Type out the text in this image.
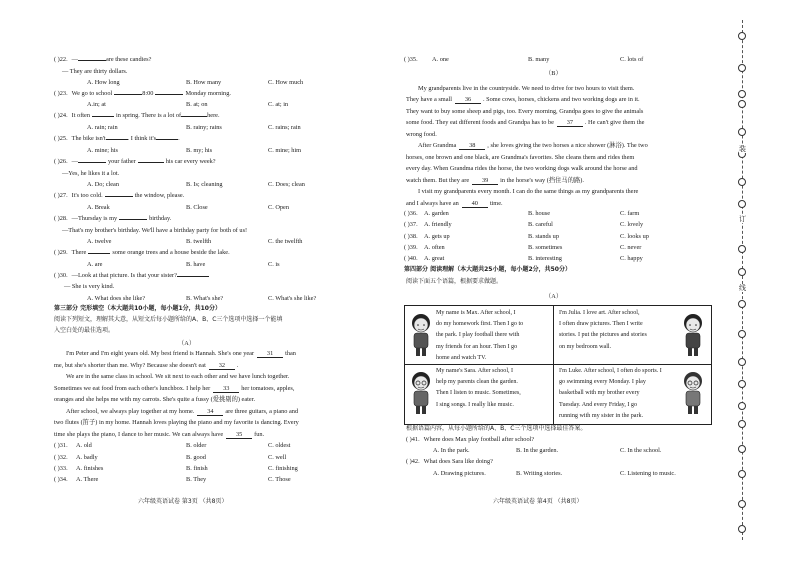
( )22. —	are these candies?
— They are thirty dollars.
A. How long	B. How many	C. How much
( )23. We go to school	8:00	Monday morning.
A.in; at	B. at; on	C. at; in
( )24. It often	in spring. There is a lot of	here.
A. rain; rain	B. rainy; rains	C. rains; rain
( )25. The bike isn't	. I think it's	.
A. mine; his	B. my; his	C. mine; him
( )26. —	your father	his car every week?
—Yes, he likes it a lot.
A. Do; clean	B. Is; cleaning	C. Does; clean
( )27. It's too cold.	the window, please.
A. Break	B. Close	C. Open
( )28. —Thursday is my	birthday.
—That's my brother's birthday. We'll have a birthday party for both of us!
A. twelve	B. twelfth	C. the twelfth
( )29. There	some orange trees and a house beside the lake.
A. are	B. have	C. is
( )30. —Look at that picture. Is that your sister?
— She is very kind.
A. What does she like?	B. What's she?	C. What's she like?
第三部分 完形填空（本大题共10小题，每小题1分，共10分）
阅读下列短文，理解其大意，从短文后每小题所给的A、B、C三个选项中选择一个能填
入空白处的最佳选项。
（A）
I'm Peter and I'm eight years old. My best friend is Hannah. She's one year 31 than
me, but she's shorter than me. Why? Because she doesn't eat 32 .
We are in the same class in school. We sit next to each other and we have lunch together.
Sometimes we eat food from each other's lunchbox. I help her 33 her tomatoes, apples,
oranges and she helps me with my carrots. She's quite a fussy (爱挑剔的) eater.
After school, we always play together at my home. 34 are three guitars, a piano and
two flutes (笛子) in my home. Hannah loves playing the piano and my favorite is dancing. Every
time she plays the piano, I dance to her music. We can always have 35 fun.
( )31. A. old	B. older	C. oldest
( )32. A. badly	B. good	C. well
( )33. A. finishes	B. finish	C. finishing
( )34. A. There	B. They	C. Those
六年级英语试卷 第3页 （共8页）
( )35. A. one	B. many	C. lots of
（B）
My grandparents live in the countryside. We need to drive for two hours to visit them.
They have a small 36 . Some cows, horses, chickens and two working dogs are in it.
They want to buy some sheep and pigs, too. Every morning, Grandpa goes to give the animals
some food. They eat different foods and Grandpa has to be 37 . He can't give them the
wrong food.
After Grandma 38 , she loves giving the two horses a nice shower (淋浴). The two
horses, one brown and one black, are Grandma's favorites. She cleans them and rides them
every day. When Grandma rides the horse, the two working dogs walk around the horse and
watch them. But they are 39 in the horse's way (挡住马的路).
I visit my grandparents every month. I can do the same things as my grandparents there
and I always have an 40 time.
( )36. A. garden	B. house	C. farm
( )37. A. friendly	B. careful	C. lovely
( )38. A. gets up	B. stands up	C. looks up
( )39. A. often	B. sometimes	C. never
( )40. A. great	B. interesting	C. happy
第四部分 阅读理解（本大题共25小题，每小题2分，共50分）
阅读下面五个语篇，根据要求做题。
（A）
My name is Max. After school, I
do my homework first. Then I go to
the park. I play football there with
my friends for an hour. Then I go
home and watch TV.
I'm Julia. I love art. After school,
I often draw pictures. Then I write
stories. I put the pictures and stories
on my bedroom wall.
My name's Sara. After school, I
help my parents clean the garden.
Then I listen to music. Sometimes,
I sing songs. I really like music.
I'm Luke. After school, I often do sports. I
go swimming every Monday. I play
basketball with my brother every
Tuesday. And every Friday, I go
running with my sister in the park.
根据语篇内容，从每小题所给的A、B、C三个选项中选择最佳答案。
( )41. Where does Max play football after school?
A. In the park.	B. In the garden.	C. In the school.
( )42. What does Sara like doing?
A. Drawing pictures.	B. Writing stories.	C. Listening to music.
六年级英语试卷 第4页 （共8页）
装
订
线
